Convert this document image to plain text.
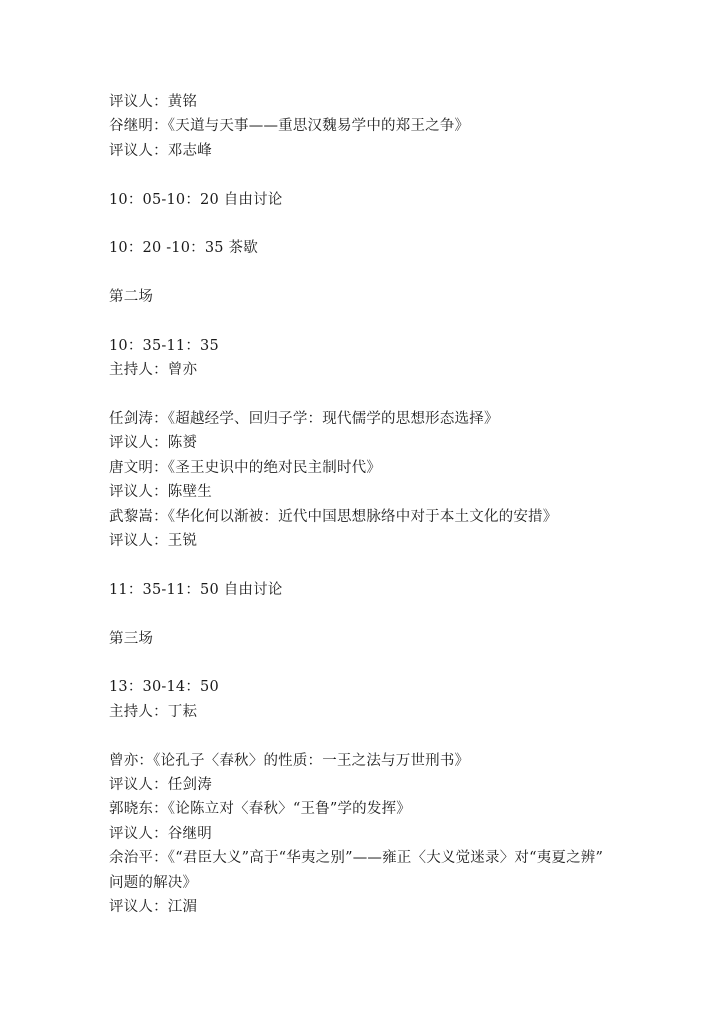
评议人：黄铭
谷继明：《天道与天事——重思汉魏易学中的郑王之争》
评议人：邓志峰
10：05-10：20 自由讨论
10：20 -10：35 茶歇
第二场
10：35-11：35
主持人：曾亦
任剑涛：《超越经学、回归子学：现代儒学的思想形态选择》
评议人：陈赟
唐文明：《圣王史识中的绝对民主制时代》
评议人：陈壁生
武黎嵩：《华化何以渐被：近代中国思想脉络中对于本土文化的安措》
评议人：王锐
11：35-11：50 自由讨论
第三场
13：30-14：50
主持人：丁耘
曾亦：《论孔子〈春秋〉的性质：一王之法与万世刑书》
评议人：任剑涛
郭晓东：《论陈立对〈春秋〉“王鲁”学的发挥》
评议人：谷继明
余治平：《“君臣大义”高于“华夷之别”——雍正〈大义觉迷录〉对“夷夏之辨”
问题的解决》
评议人：江湄
